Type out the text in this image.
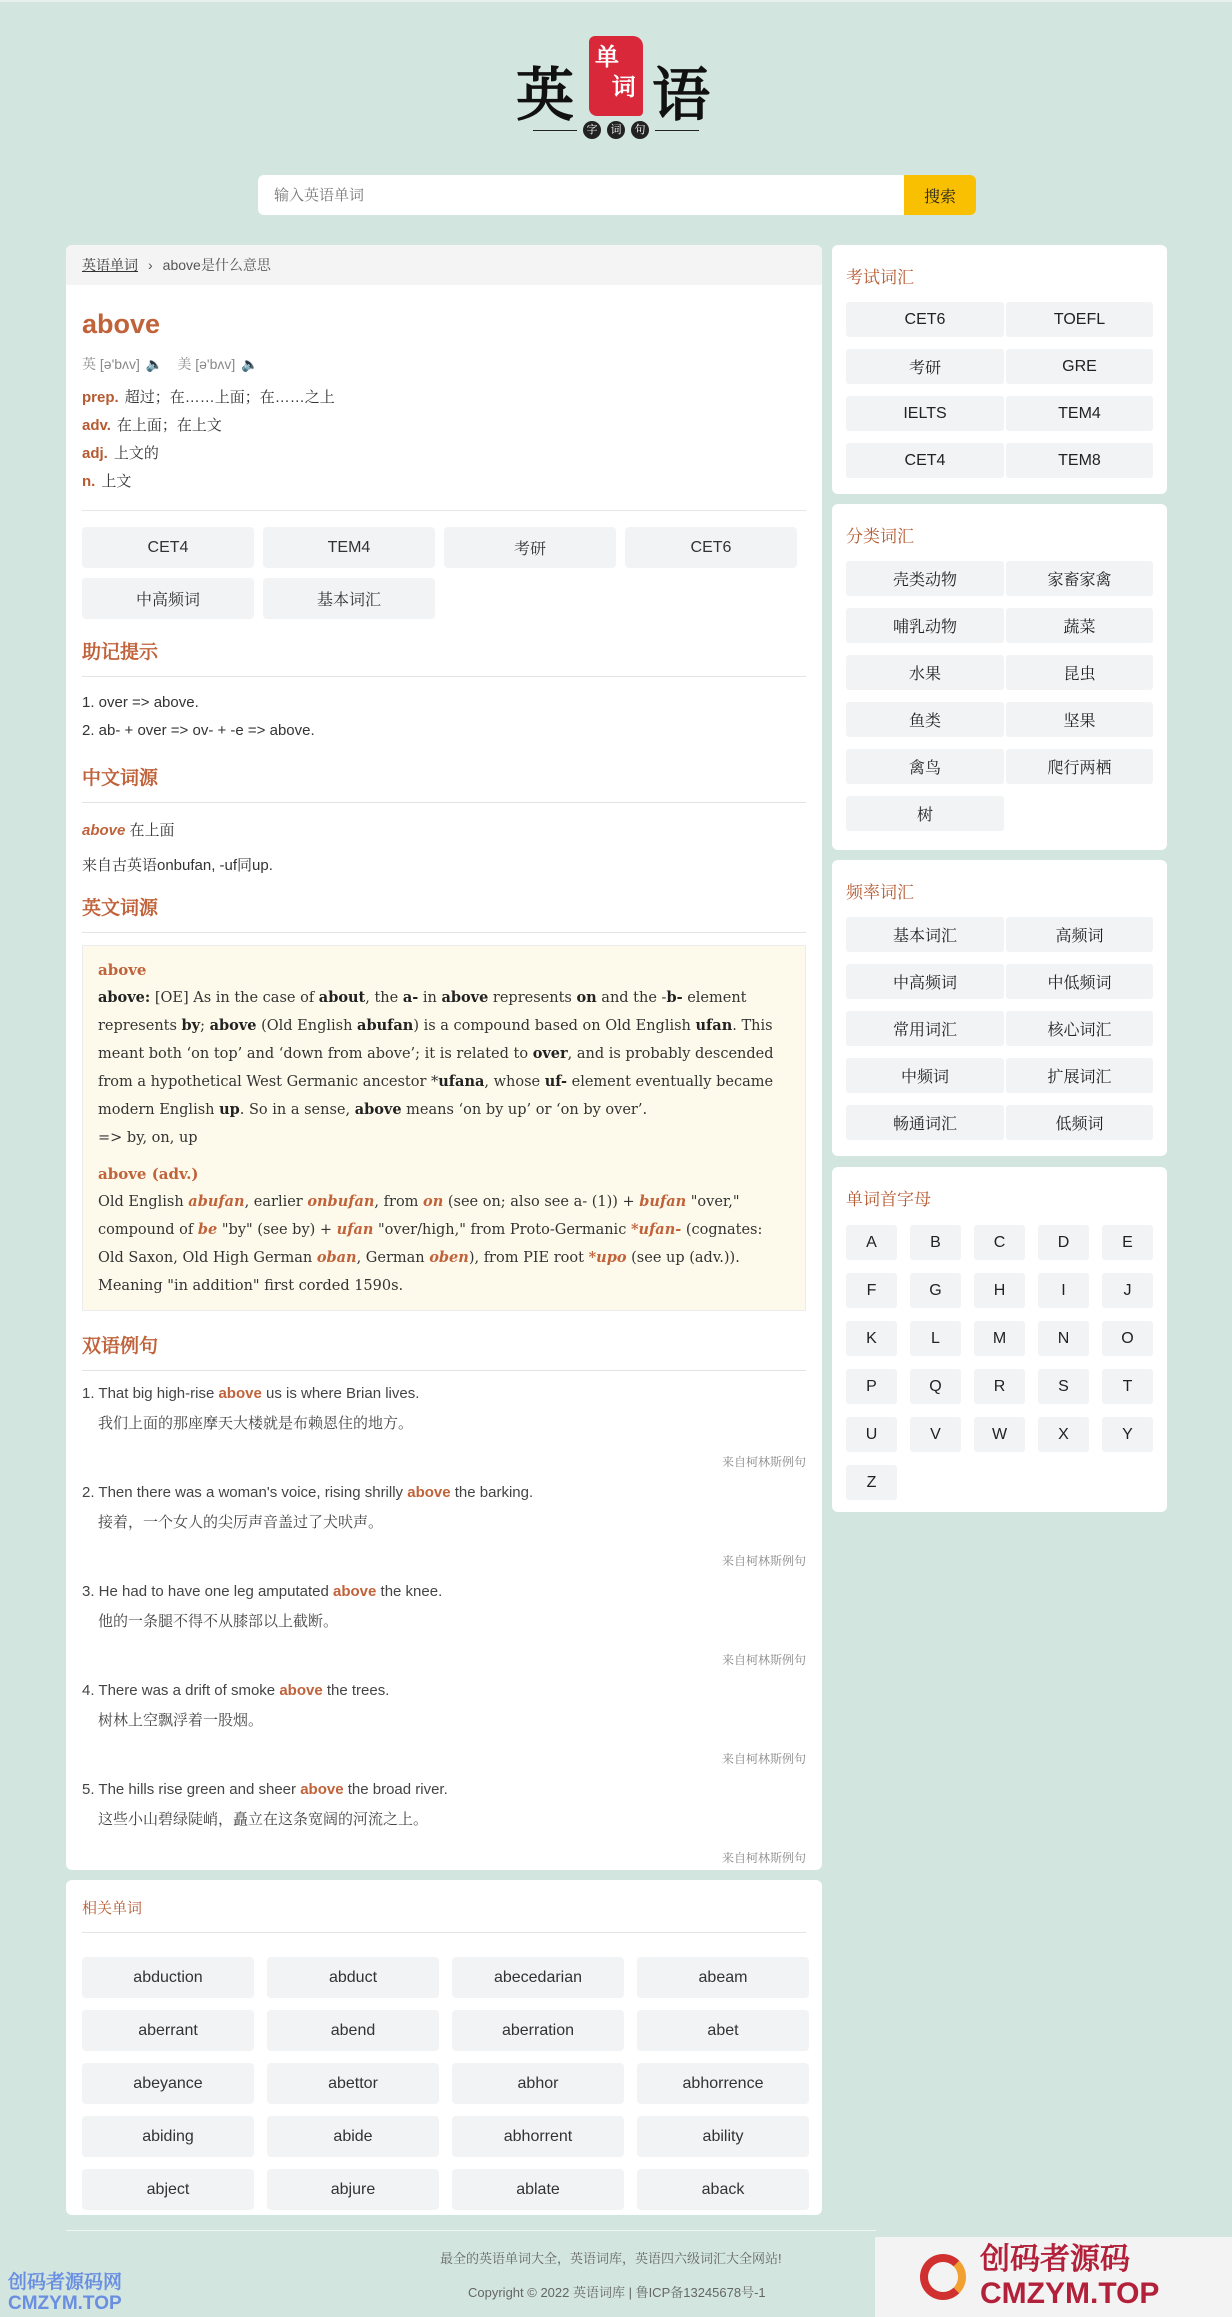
英
单
词 语
字	词	句
输入英语单词
搜索
英语单词 › above是什么意思
above
英 [ə'bʌv] 🔈 美 [ə'bʌv] 🔈
prep. 超过；在……上面；在……之上
adv. 在上面；在上文
adj. 上文的
n. 上文
CET4	TEM4	考研	CET6
中高频词	基本词汇
助记提示
1. over => above.
2. ab- + over => ov- + -e => above.
中文词源

above 在上面

来自古英语onbufan, -uf同up.

英文词源
above
above: [OE] As in the case of about, the a- in above represents on and the -b- element represents by; above (Old English abufan) is a compound based on Old English ufan. This meant both ‘on top’ and ‘down from above’; it is related to over, and is probably descended from a hypothetical West Germanic ancestor *ufana, whose uf- element eventually became modern English up. So in a sense, above means ‘on by up’ or ‘on by over’.
=> by, on, up
above (adv.)
Old English abufan, earlier onbufan, from on (see on; also see a- (1)) + bufan "over," compound of be "by" (see by) + ufan "over/high," from Proto-Germanic *ufan- (cognates: Old Saxon, Old High German oban, German oben), from PIE root *upo (see up (adv.)). Meaning "in addition" first corded 1590s.
双语例句
1. That big high-rise above us is where Brian lives.
我们上面的那座摩天大楼就是布赖恩住的地方。
来自柯林斯例句
2. Then there was a woman's voice, rising shrilly above the barking.
接着，一个女人的尖厉声音盖过了犬吠声。
来自柯林斯例句
3. He had to have one leg amputated above the knee.
他的一条腿不得不从膝部以上截断。
来自柯林斯例句
4. There was a drift of smoke above the trees.
树林上空飘浮着一股烟。
来自柯林斯例句
5. The hills rise green and sheer above the broad river.
这些小山碧绿陡峭，矗立在这条宽阔的河流之上。
来自柯林斯例句
相关单词
abduction	abduct	abecedarian	abeam
aberrant	abend	aberration	abet
abeyance	abettor	abhor	abhorrence
abiding	abide	abhorrent	ability
abject	abjure	ablate	aback
考试词汇
CET6	TOEFL
考研	GRE
IELTS	TEM4
CET4	TEM8
分类词汇
壳类动物	家畜家禽
哺乳动物	蔬菜
水果	昆虫
鱼类	坚果
禽鸟	爬行两栖
树
频率词汇
基本词汇	高频词
中高频词	中低频词
常用词汇	核心词汇
中频词	扩展词汇
畅通词汇	低频词
单词首字母
A	B	C	D	E
F	G	H	I	J
K	L	M	N	O
P	Q	R	S	T
U	V	W	X	Y
Z
最全的英语单词大全，英语词库，英语四六级词汇大全网站!
Copyright © 2022 英语词库 | 鲁ICP备13245678号-1
创码者源码网
CMZYM.TOP
创码者源码
CMZYM.TOP
